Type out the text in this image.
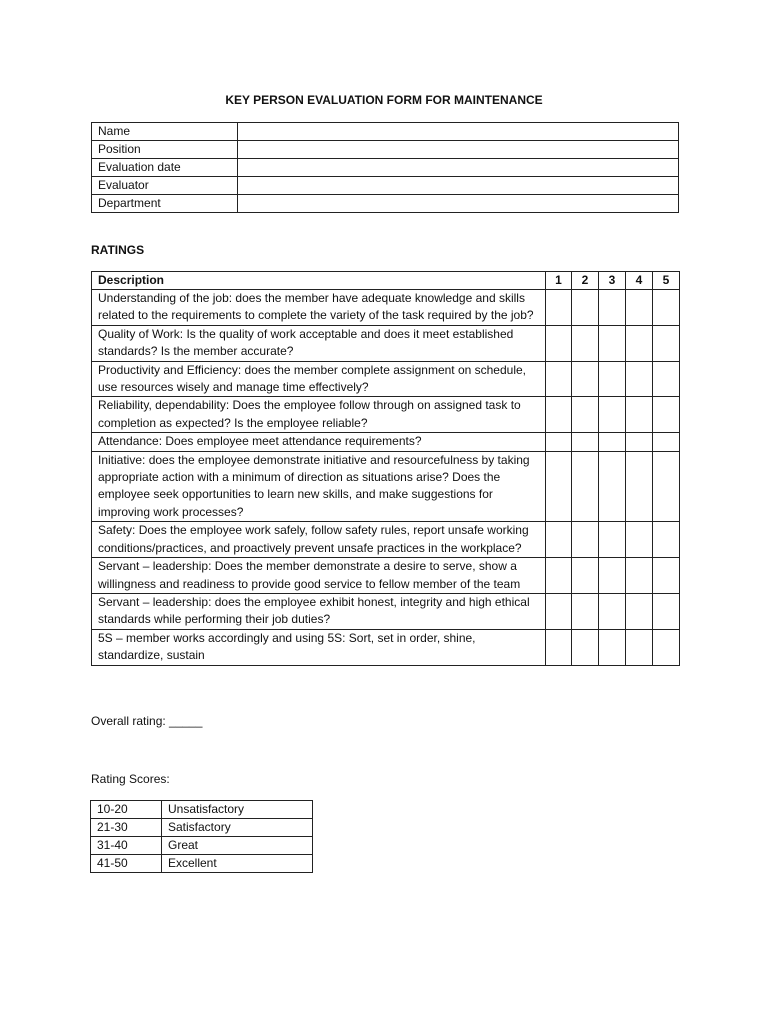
KEY PERSON EVALUATION FORM FOR MAINTENANCE
Name	
Position	
Evaluation date	
Evaluator	
Department	
RATINGS
Description	1	2	3	4	5
Understanding of the job: does the member have adequate knowledge and skills related to the requirements to complete the variety of the task required by the job?					
Quality of Work: Is the quality of work acceptable and does it meet established standards? Is the member accurate?					
Productivity and Efficiency: does the member complete assignment on schedule, use resources wisely and manage time effectively?					
Reliability, dependability: Does the employee follow through on assigned task to completion as expected? Is the employee reliable?					
Attendance: Does employee meet attendance requirements?					
Initiative: does the employee demonstrate initiative and resourcefulness by taking appropriate action with a minimum of direction as situations arise? Does the employee seek opportunities to learn new skills, and make suggestions for improving work processes?					
Safety: Does the employee work safely, follow safety rules, report unsafe working conditions/practices, and proactively prevent unsafe practices in the workplace?					
Servant – leadership: Does the member demonstrate a desire to serve, show a willingness and readiness to provide good service to fellow member of the team					
Servant – leadership: does the employee exhibit honest, integrity and high ethical standards while performing their job duties?					
5S – member works accordingly and using 5S: Sort, set in order, shine, standardize, sustain					
Overall rating: _____
Rating Scores:
10-20	Unsatisfactory
21-30	Satisfactory
31-40	Great
41-50	Excellent
